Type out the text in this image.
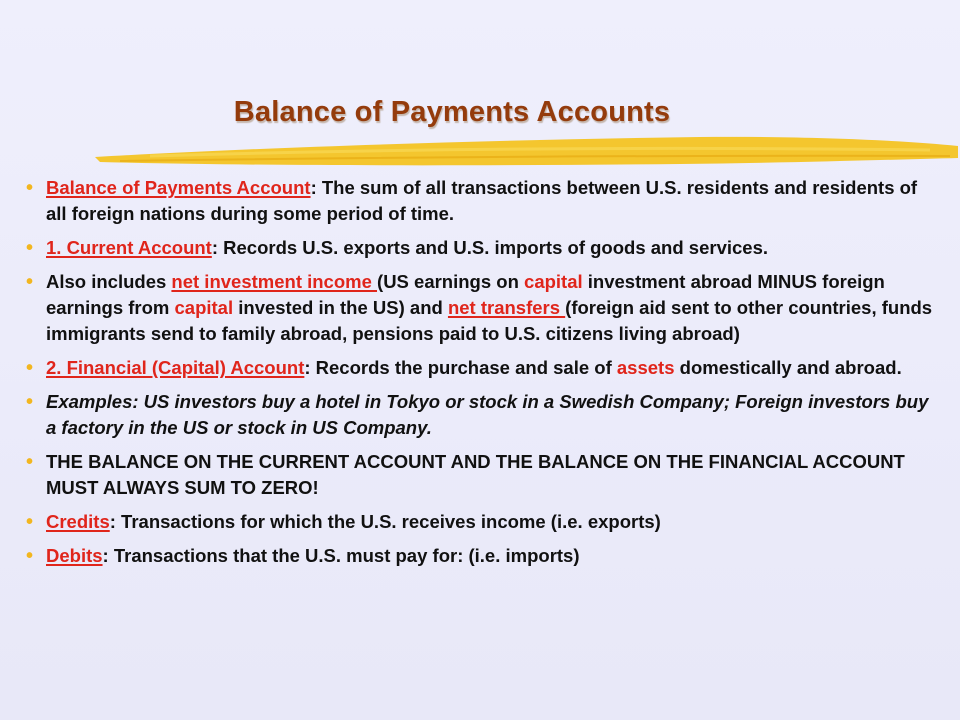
Balance of Payments Accounts
• Balance of Payments Account: The sum of all transactions between U.S. residents and residents of all foreign nations during some period of time.
• 1. Current Account: Records U.S. exports and U.S. imports of goods and services.
• Also includes net investment income (US earnings on capital investment abroad MINUS foreign earnings from capital invested in the US) and net transfers (foreign aid sent to other countries, funds immigrants send to family abroad, pensions paid to U.S. citizens living abroad)
• 2. Financial (Capital) Account: Records the purchase and sale of assets domestically and abroad.
• Examples: US investors buy a hotel in Tokyo or stock in a Swedish Company; Foreign investors buy a factory in the US or stock in US Company.
• THE BALANCE ON THE CURRENT ACCOUNT AND THE BALANCE ON THE FINANCIAL ACCOUNT MUST ALWAYS SUM TO ZERO!
• Credits: Transactions for which the U.S. receives income (i.e. exports)
• Debits: Transactions that the U.S. must pay for: (i.e. imports)
